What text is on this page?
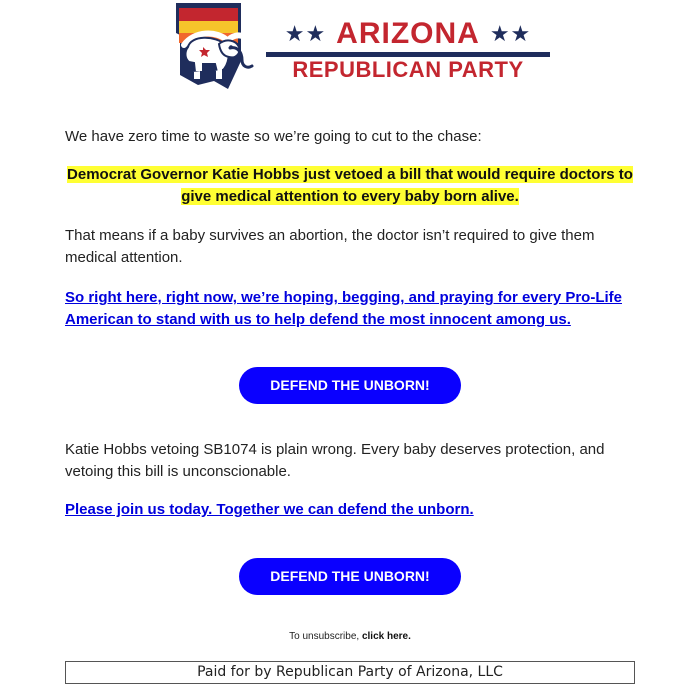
★★ ARIZONA ★★
REPUBLICAN PARTY

We have zero time to waste so we’re going to cut to the chase:

Democrat Governor Katie Hobbs just vetoed a bill that would require doctors to give medical attention to every baby born alive.

That means if a baby survives an abortion, the doctor isn’t required to give them medical attention.

So right here, right now, we’re hoping, begging, and praying for every Pro-Life American to stand with us to help defend the most innocent among us.

DEFEND THE UNBORN!

Katie Hobbs vetoing SB1074 is plain wrong. Every baby deserves protection, and vetoing this bill is unconscionable.

Please join us today. Together we can defend the unborn.

DEFEND THE UNBORN!
To unsubscribe, click here.
Paid for by Republican Party of Arizona, LLC
